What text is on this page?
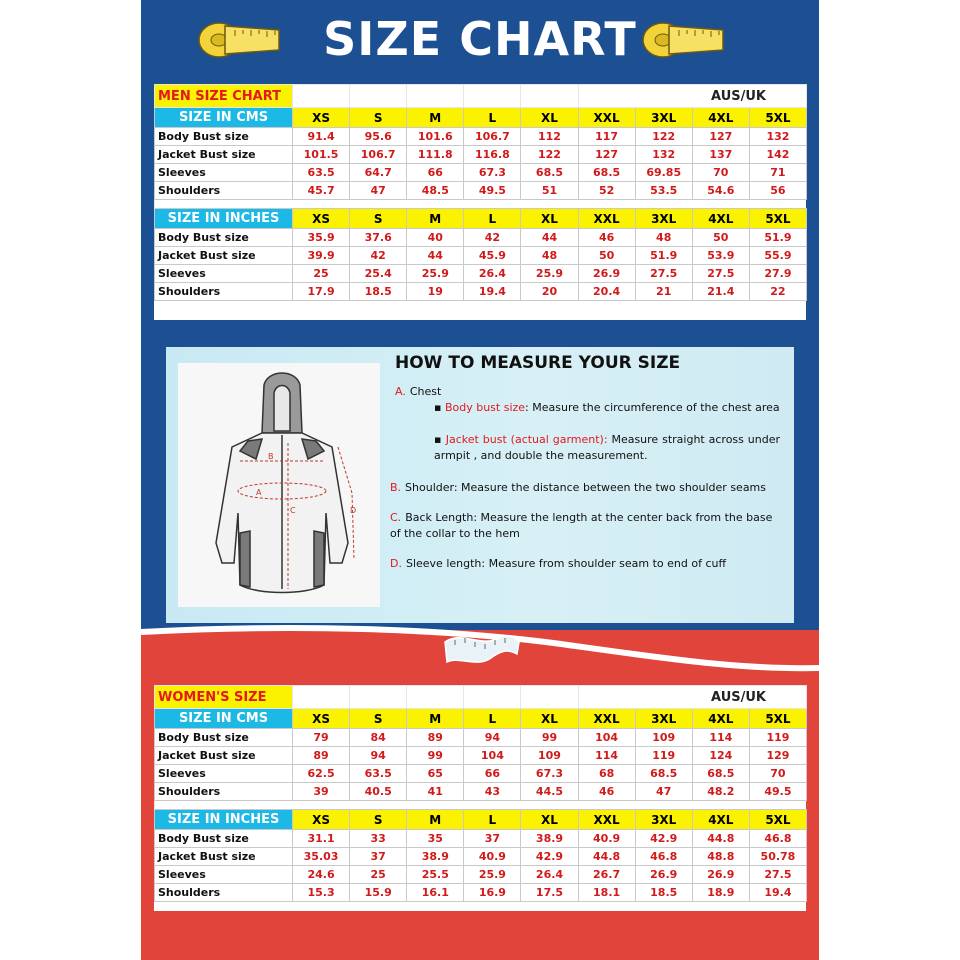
SIZE CHART
MEN SIZE CHART						AUS/UK			
SIZE IN CMS	XS	S	M	L	XL	XXL	3XL	4XL	5XL
Body Bust size	91.4	95.6	101.6	106.7	112	117	122	127	132
Jacket Bust size	101.5	106.7	111.8	116.8	122	127	132	137	142
Sleeves	63.5	64.7	66	67.3	68.5	68.5	69.85	70	71
Shoulders	45.7	47	48.5	49.5	51	52	53.5	54.6	56

SIZE IN INCHES	XS	S	M	L	XL	XXL	3XL	4XL	5XL
Body Bust size	35.9	37.6	40	42	44	46	48	50	51.9
Jacket Bust size	39.9	42	44	45.9	48	50	51.9	53.9	55.9
Sleeves	25	25.4	25.9	26.4	25.9	26.9	27.5	27.5	27.9
Shoulders	17.9	18.5	19	19.4	20	20.4	21	21.4	22
B
A
C	D
HOW TO MEASURE YOUR SIZE
A. Chest
▪ Body bust size: Measure the circumference of the chest area
▪ Jacket bust (actual garment): Measure straight across under armpit , and double the measurement.
B. Shoulder: Measure the distance between the two shoulder seams
C. Back Length: Measure the length at the center back from the base of the collar to the hem
D. Sleeve length: Measure from shoulder seam to end of cuff
WOMEN'S SIZE						AUS/UK			
SIZE IN CMS	XS	S	M	L	XL	XXL	3XL	4XL	5XL
Body Bust size	79	84	89	94	99	104	109	114	119
Jacket Bust size	89	94	99	104	109	114	119	124	129
Sleeves	62.5	63.5	65	66	67.3	68	68.5	68.5	70
Shoulders	39	40.5	41	43	44.5	46	47	48.2	49.5

SIZE IN INCHES	XS	S	M	L	XL	XXL	3XL	4XL	5XL
Body Bust size	31.1	33	35	37	38.9	40.9	42.9	44.8	46.8
Jacket Bust size	35.03	37	38.9	40.9	42.9	44.8	46.8	48.8	50.78
Sleeves	24.6	25	25.5	25.9	26.4	26.7	26.9	26.9	27.5
Shoulders	15.3	15.9	16.1	16.9	17.5	18.1	18.5	18.9	19.4
